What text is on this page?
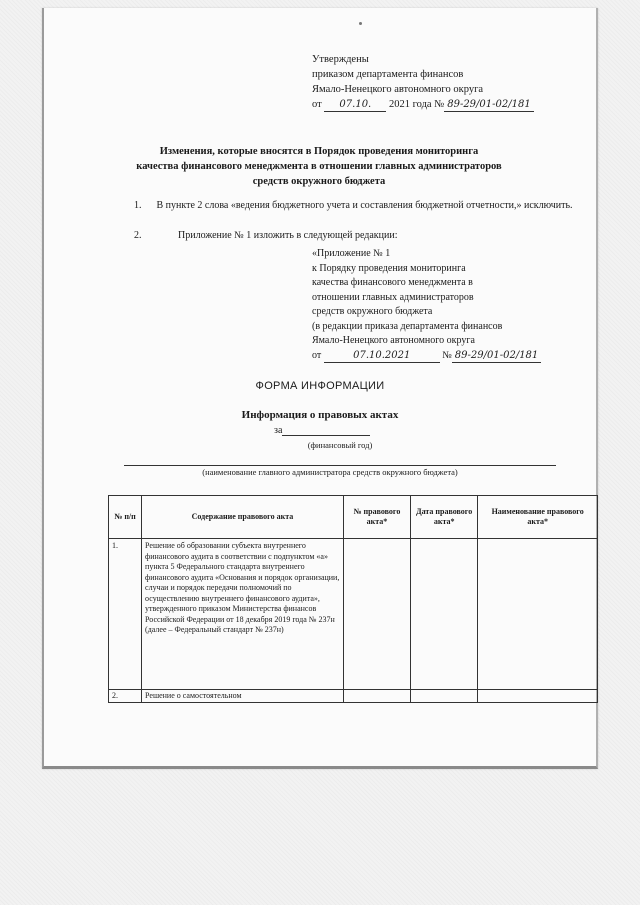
Утверждены
приказом департамента финансов
Ямало-Ненецкого автономного округа
от 07.10. 2021 года № 89-29/01-02/181
Изменения, которые вносятся в Порядок проведения мониторинга
качества финансового менеджмента в отношении главных администраторов
средств окружного бюджета
1. В пункте 2 слова «ведения бюджетного учета и составления бюджетной отчетности,» исключить.
2.	Приложение № 1 изложить в следующей редакции:
«Приложение № 1
к Порядку проведения мониторинга
качества финансового менеджмента в
отношении главных администраторов
средств окружного бюджета
(в редакции приказа департамента финансов
Ямало-Ненецкого автономного округа
от	07.10.2021	№ 89-29/01-02/181
ФОРМА ИНФОРМАЦИИ
Информация о правовых актах
за
(финансовый год)
(наименование главного администратора средств окружного бюджета)
№ п/п	Содержание правового акта	№ правового акта*	Дата правового акта*	Наименование правового акта*
1.	Решение об образовании субъекта внутреннего финансового аудита в соответствии с подпунктом «а» пункта 5 Федерального стандарта внутреннего финансового аудита «Основания и порядок организации, случаи и порядок передачи полномочий по осуществлению внутреннего финансового аудита», утвержденного приказом Министерства финансов Российской Федерации от 18 декабря 2019 года № 237н (далее – Федеральный стандарт № 237н)			
2.	Решение о самостоятельном			
